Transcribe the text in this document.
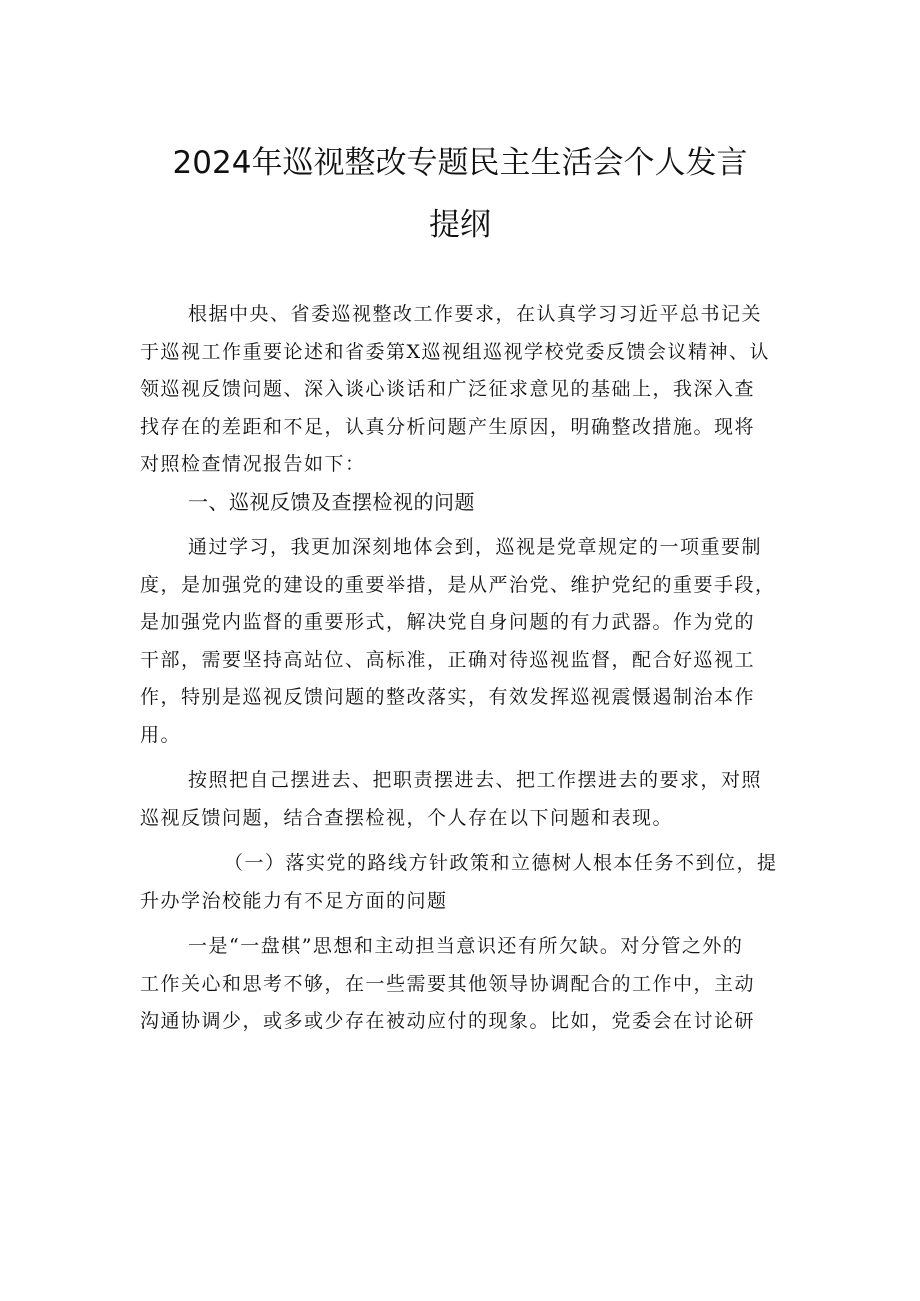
2024年巡视整改专题民主生活会个人发言
提纲
根据中央、省委巡视整改工作要求，在认真学习习近平总书记关
于巡视工作重要论述和省委第X巡视组巡视学校党委反馈会议精神、认
领巡视反馈问题、深入谈心谈话和广泛征求意见的基础上，我深入查
找存在的差距和不足，认真分析问题产生原因，明确整改措施。现将
对照检查情况报告如下：
一、巡视反馈及查摆检视的问题
通过学习，我更加深刻地体会到，巡视是党章规定的一项重要制
度，是加强党的建设的重要举措，是从严治党、维护党纪的重要手段，
是加强党内监督的重要形式，解决党自身问题的有力武器。作为党的
干部，需要坚持高站位、高标准，正确对待巡视监督，配合好巡视工
作，特别是巡视反馈问题的整改落实，有效发挥巡视震慑遏制治本作
用。
按照把自己摆进去、把职责摆进去、把工作摆进去的要求，对照
巡视反馈问题，结合查摆检视，个人存在以下问题和表现。
（一）落实党的路线方针政策和立德树人根本任务不到位，提
升办学治校能力有不足方面的问题
一是“一盘棋”思想和主动担当意识还有所欠缺。对分管之外的
工作关心和思考不够，在一些需要其他领导协调配合的工作中，主动
沟通协调少，或多或少存在被动应付的现象。比如，党委会在讨论研
